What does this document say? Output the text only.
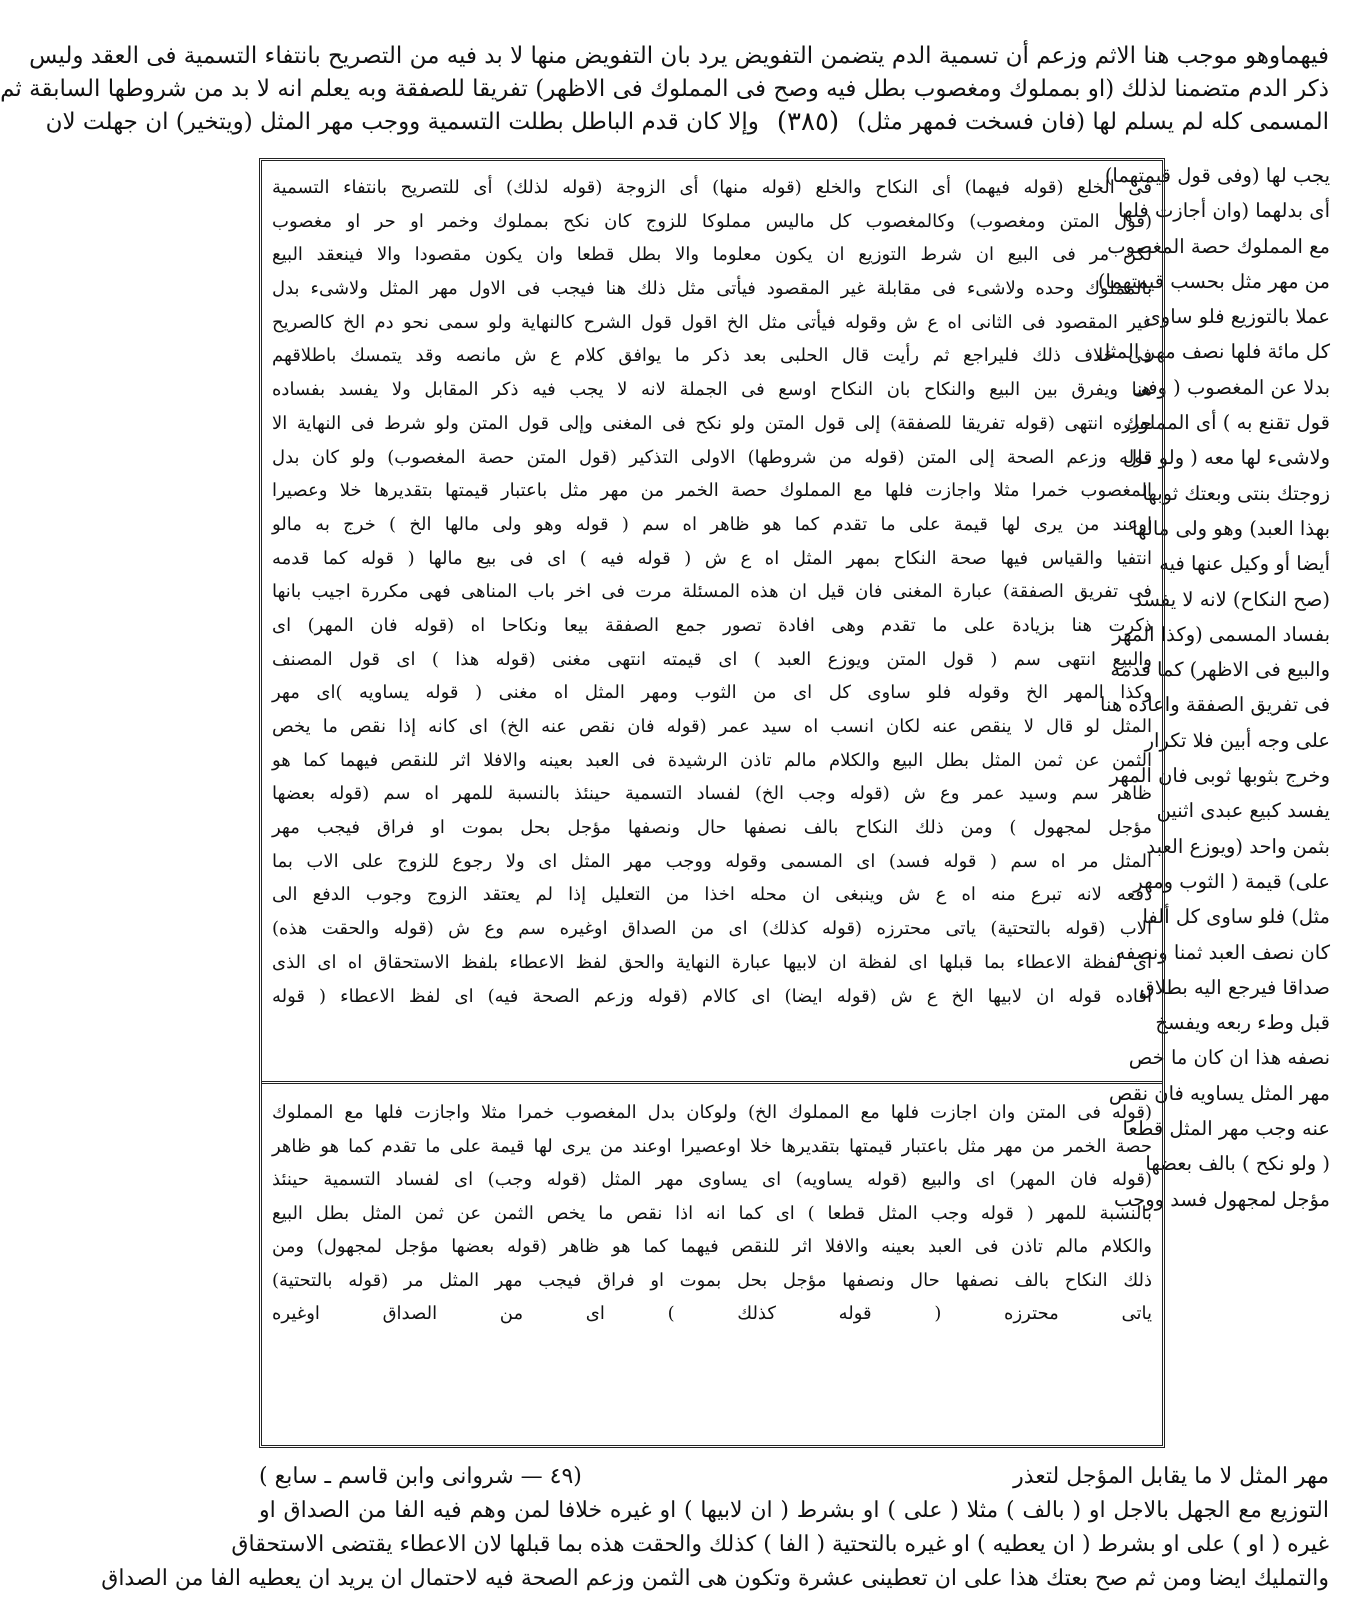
فيهماوهو موجب هنا الاثم وزعم أن تسمية الدم يتضمن التفويض يرد بان التفويض منها لا بد فيه من التصريح بانتفاء التسمية فى العقد وليس
ذكر الدم متضمنا لذلك (او بمملوك ومغصوب بطل فيه وصح فى المملوك فى الاظهر) تفريقا للصفقة وبه يعلم انه لا بد من شروطها السابقة ثم
المسمى كله لم يسلم لها (فان فسخت فمهر مثل)
(٣٨٥)
وإلا كان قدم الباطل بطلت التسمية ووجب مهر المثل (ويتخير) ان جهلت لان
يجب لها (وفى قول قيمتهما)
أى بدلهما (وان أجازت فلها
مع المملوك حصة المغصوب
من مهر مثل بحسب قيمتهما)
عملا بالتوزيع فلو ساوى
كل مائة فلها نصف مهر المثل
بدلا عن المغصوب ( وفى
قول تقنع به ) أى المملوك
ولاشىء لها معه ( ولو قال
زوجتك بنتى وبعتك ثوبها
بهذا العبد) وهو ولى مالها
أيضا أو وكيل عنها فيه
(صح النكاح) لانه لا يفسد
بفساد المسمى (وكذا المهر
والبيع فى الاظهر) كما قدمه
فى تفريق الصفقة واعاده هنا
على وجه أبين فلا تكرار
وخرج بثوبها ثوبى فان المهر
يفسد كبيع عبدى اثنين
بثمن واحد (ويوزع العبد
على) قيمة ( الثوب ومهر
مثل) فلو ساوى كل ألفا
كان نصف العبد ثمنا ونصفه
صداقا فيرجع اليه بطلاق
قبل وطء ربعه ويفسخ
نصفه هذا ان كان ما خص
مهر المثل يساويه فان نقص
عنه وجب مهر المثل قطعا
( ولو نكح ) بالف بعضها
مؤجل لمجهول فسد ووجب
فى الخلع (قوله فيهما) أى النكاح والخلع (قوله منها) أى الزوجة (قوله لذلك) أى للتصريح بانتفاء التسمية
(قول المتن ومغصوب) وكالمغصوب كل ماليس مملوكا للزوج كان نكح بمملوك وخمر او حر او مغصوب
لكن مر فى البيع ان شرط التوزيع ان يكون معلوما والا بطل قطعا وان يكون مقصودا والا فينعقد البيع
بالمملوك وحده ولاشىء فى مقابلة غير المقصود فيأتى مثل ذلك هنا فيجب فى الاول مهر المثل ولاشىء بدل
غير المقصود فى الثانى اه ع ش وقوله فيأتى مثل الخ اقول قول الشرح كالنهاية ولو سمى نحو دم الخ كالصريح
فى خلاف ذلك فليراجع ثم رأيت قال الحلبى بعد ذكر ما يوافق كلام ع ش مانصه وقد يتمسك باطلاقهم
هنا ويفرق بين البيع والنكاح بان النكاح اوسع فى الجملة لانه لا يجب فيه ذكر المقابل ولا يفسد بفساده
حرره انتهى (قوله تفريقا للصفقة) إلى قول المتن ولو نكح فى المغنى وإلى قول المتن ولو شرط فى النهاية الا
قوله وزعم الصحة إلى المتن (قوله من شروطها) الاولى التذكير (قول المتن حصة المغصوب) ولو كان بدل
المغصوب خمرا مثلا واجازت فلها مع المملوك حصة الخمر من مهر مثل باعتبار قيمتها بتقديرها خلا وعصيرا
اوعند من يرى لها قيمة على ما تقدم كما هو ظاهر اه سم ( قوله وهو ولى مالها الخ ) خرج به مالو
انتفيا والقياس فيها صحة النكاح بمهر المثل اه ع ش ( قوله فيه ) اى فى بيع مالها ( قوله كما قدمه
فى تفريق الصفقة) عبارة المغنى فان قيل ان هذه المسئلة مرت فى اخر باب المناهى فهى مكررة اجيب بانها
ذكرت هنا بزيادة على ما تقدم وهى افادة تصور جمع الصفقة بيعا ونكاحا اه (قوله فان المهر) اى
والبيع انتهى سم ( قول المتن ويوزع العبد ) اى قيمته انتهى مغنى (قوله هذا ) اى قول المصنف
وكذا المهر الخ وقوله فلو ساوى كل اى من الثوب ومهر المثل اه مغنى ( قوله يساويه )اى مهر
المثل لو قال لا ينقص عنه لكان انسب اه سيد عمر (قوله فان نقص عنه الخ) اى كانه إذا نقص ما يخص
الثمن عن ثمن المثل بطل البيع والكلام مالم تاذن الرشيدة فى العبد بعينه والافلا اثر للنقص فيهما كما هو
ظاهر سم وسيد عمر وع ش (قوله وجب الخ) لفساد التسمية حينئذ بالنسبة للمهر اه سم (قوله بعضها
مؤجل لمجهول ) ومن ذلك النكاح بالف نصفها حال ونصفها مؤجل بحل بموت او فراق فيجب مهر
المثل مر اه سم ( قوله فسد) اى المسمى وقوله ووجب مهر المثل اى ولا رجوع للزوج على الاب بما
دفعه لانه تبرع منه اه ع ش وينبغى ان محله اخذا من التعليل إذا لم يعتقد الزوج وجوب الدفع الى
الاب (قوله بالتحتية) ياتى محترزه (قوله كذلك) اى من الصداق اوغيره سم وع ش (قوله والحقت هذه)
اى لفظة الاعطاء بما قبلها اى لفظة ان لابيها عبارة النهاية والحق لفظ الاعطاء بلفظ الاستحقاق اه اى الذى
افاده قوله ان لابيها الخ ع ش (قوله ايضا) اى كالام (قوله وزعم الصحة فيه) اى لفظ الاعطاء ( قوله
(قوله فى المتن وان اجازت فلها مع المملوك الخ) ولوكان بدل المغصوب خمرا مثلا واجازت فلها مع المملوك
حصة الخمر من مهر مثل باعتبار قيمتها بتقديرها خلا اوعصيرا اوعند من يرى لها قيمة على ما تقدم كما هو ظاهر
(قوله فان المهر) اى والبيع (قوله يساويه) اى يساوى مهر المثل (قوله وجب) اى لفساد التسمية حينئذ
بالنسبة للمهر ( قوله وجب المثل قطعا ) اى كما انه اذا نقص ما يخص الثمن عن ثمن المثل بطل البيع
والكلام مالم تاذن فى العبد بعينه والافلا اثر للنقص فيهما كما هو ظاهر (قوله بعضها مؤجل لمجهول) ومن
ذلك النكاح بالف نصفها حال ونصفها مؤجل بحل بموت او فراق فيجب مهر المثل مر (قوله بالتحتية)
ياتى محترزه ( قوله كذلك ) اى من الصداق اوغيره
مهر المثل لا ما يقابل المؤجل لتعذر
(٤٩ — شروانى وابن قاسم ـ سابع )
التوزيع مع الجهل بالاجل او ( بالف ) مثلا ( على ) او بشرط ( ان لابيها ) او غيره خلافا لمن وهم فيه الفا من الصداق او
غيره ( او ) على او بشرط ( ان يعطيه ) او غيره بالتحتية ( الفا ) كذلك والحقت هذه بما قبلها لان الاعطاء يقتضى الاستحقاق
والتمليك ايضا ومن ثم صح بعتك هذا على ان تعطينى عشرة وتكون هى الثمن وزعم الصحة فيه لاحتمال ان يريد ان يعطيه الفا من الصداق
